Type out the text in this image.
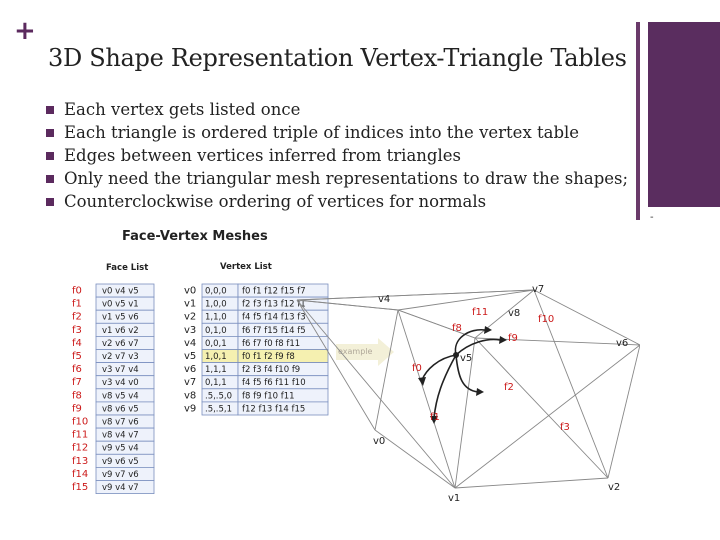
+
-
3D Shape Representation Vertex-Triangle Tables
Each vertex gets listed once
Each triangle is ordered triple of indices into the vertex table
Edges between vertices inferred from triangles
Only need the triangular mesh representations to draw the shapes;
Counterclockwise ordering of vertices for normals
Face-Vertex Meshes
Face List	Vertex List
f0
f1
f2
f3
f4
f5
f6
f7
f8
f9
f10
f11
f12
f13
f14
f15
v0 v4 v5
v0 v5 v1
v1 v5 v6
v1 v6 v2
v2 v6 v7
v2 v7 v3
v3 v7 v4
v3 v4 v0
v8 v5 v4
v8 v6 v5
v8 v7 v6
v8 v4 v7
v9 v5 v4
v9 v6 v5
v9 v7 v6
v9 v4 v7
v0
v1
v2
v3
v4
v5
v6
v7
v8
v9
0,0,0 f0 f1 f12 f15 f7
1,0,0 f2 f3 f13 f12 f1
1,1,0 f4 f5 f14 f13 f3
0,1,0 f6 f7 f15 f14 f5
0,0,1 f6 f7 f0 f8 f11
1,0,1 f0 f1 f2 f9 f8
1,1,1 f2 f3 f4 f10 f9
0,1,1 f4 f5 f6 f11 f10
.5,.5,0 f8 f9 f10 f11
.5,.5,1 f12 f13 f14 f15
example
v4
v7
v8
v6
v5
v0
v1
v2
f11
f8
f10
f9
f0
f2
f1
f3
